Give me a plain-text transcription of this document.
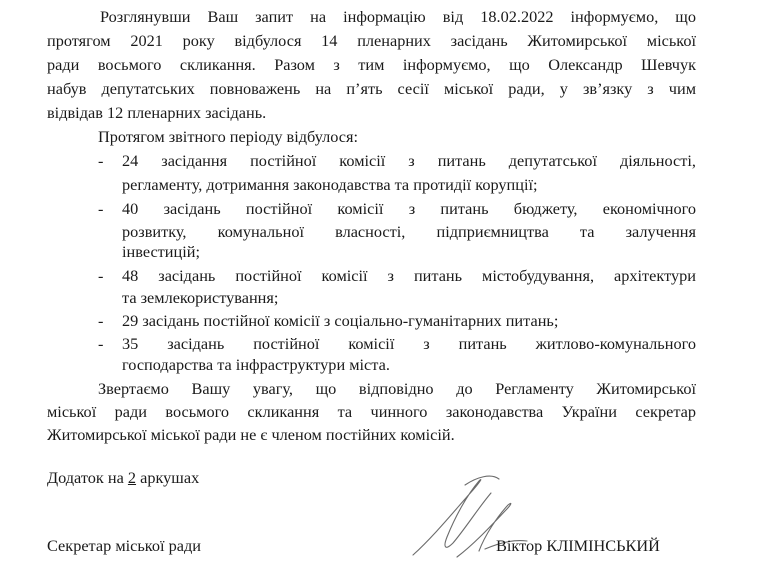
Розглянувши Ваш запит на інформацію від 18.02.2022 інформуємо, що
протягом 2021 року відбулося 14 пленарних засідань Житомирської міської
ради восьмого скликання. Разом з тим інформуємо, що Олександр Шевчук
набув депутатських повноважень на п’ять сесії міської ради, у зв’язку з чим
відвідав 12 пленарних засідань.
Протягом звітного періоду відбулося:
- 24 засідання постійної комісії з питань депутатської діяльності,
регламенту, дотримання законодавства та протидії корупції;
- 40 засідань постійної комісії з питань бюджету, економічного
розвитку, комунальної власності, підприємництва та залучення
інвестицій;
- 48 засідань постійної комісії з питань містобудування, архітектури
та землекористування;
- 29 засідань постійної комісії з соціально-гуманітарних питань;
- 35 засідань постійної комісії з питань житлово-комунального
господарства та інфраструктури міста.
Звертаємо Вашу увагу, що відповідно до Регламенту Житомирської
міської ради восьмого скликання та чинного законодавства України секретар
Житомирської міської ради не є членом постійних комісій.
Додаток на 2 аркушах
Секретар міської ради	Віктор КЛІМІНСЬКИЙ
